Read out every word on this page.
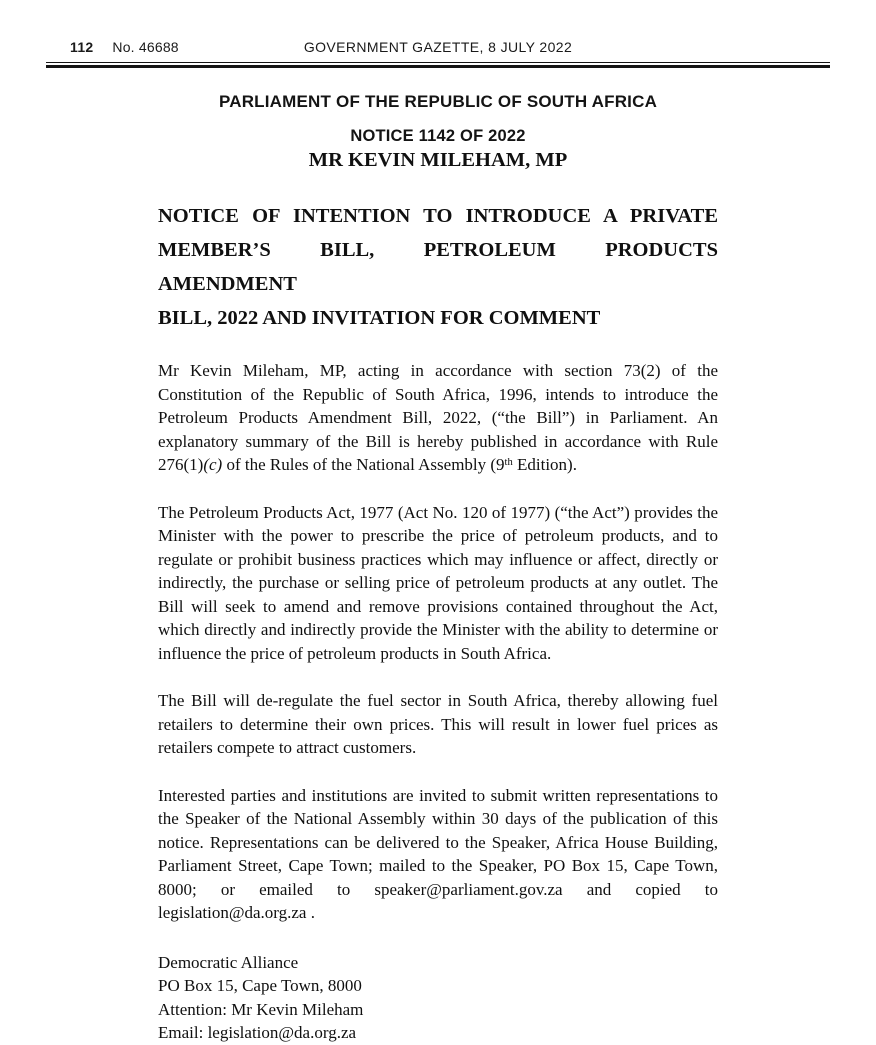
112 No. 46688	GOVERNMENT GAZETTE, 8 JULY 2022
PARLIAMENT OF THE REPUBLIC OF SOUTH AFRICA
NOTICE 1142 OF 2022
MR KEVIN MILEHAM, MP
NOTICE OF INTENTION TO INTRODUCE A PRIVATE
MEMBER’S BILL, PETROLEUM PRODUCTS AMENDMENT
BILL, 2022 AND INVITATION FOR COMMENT
Mr Kevin Mileham, MP, acting in accordance with section 73(2) of the Constitution of the Republic of South Africa, 1996, intends to introduce the Petroleum Products Amendment Bill, 2022, (“the Bill”) in Parliament. An explanatory summary of the Bill is hereby published in accordance with Rule 276(1)(c) of the Rules of the National Assembly (9th Edition).
The Petroleum Products Act, 1977 (Act No. 120 of 1977) (“the Act”) provides the Minister with the power to prescribe the price of petroleum products, and to regulate or prohibit business practices which may influence or affect, directly or indirectly, the purchase or selling price of petroleum products at any outlet. The Bill will seek to amend and remove provisions contained throughout the Act, which directly and indirectly provide the Minister with the ability to determine or influence the price of petroleum products in South Africa.
The Bill will de-regulate the fuel sector in South Africa, thereby allowing fuel retailers to determine their own prices. This will result in lower fuel prices as retailers compete to attract customers.
Interested parties and institutions are invited to submit written representations to the Speaker of the National Assembly within 30 days of the publication of this notice. Representations can be delivered to the Speaker, Africa House Building, Parliament Street, Cape Town; mailed to the Speaker, PO Box 15, Cape Town, 8000; or emailed to speaker@parliament.gov.za and copied to legislation@da.org.za .
Democratic Alliance
PO Box 15, Cape Town, 8000
Attention: Mr Kevin Mileham
Email: legislation@da.org.za
